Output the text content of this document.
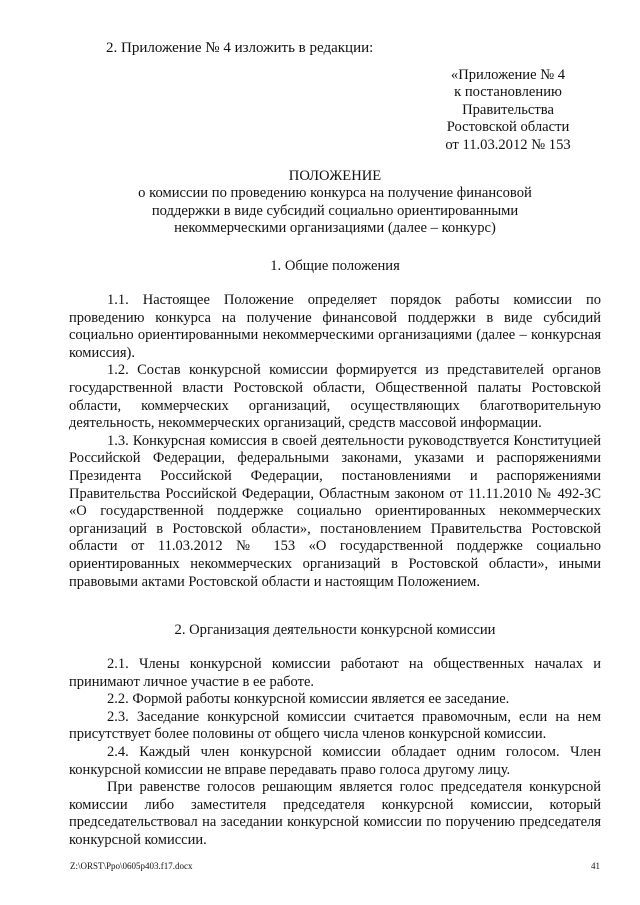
2. Приложение № 4 изложить в редакции:
«Приложение № 4
к постановлению
Правительства
Ростовской области
от 11.03.2012 № 153
ПОЛОЖЕНИЕ
о комиссии по проведению конкурса на получение финансовой
поддержки в виде субсидий социально ориентированными
некоммерческими организациями (далее – конкурс)
1. Общие положения

1.1. Настоящее Положение определяет порядок работы комиссии по проведению конкурса на получение финансовой поддержки в виде субсидий социально ориентированными некоммерческими организациями (далее – конкурсная комиссия).

1.2. Состав конкурсной комиссии формируется из представителей органов государственной власти Ростовской области, Общественной палаты Ростовской области, коммерческих организаций, осуществляющих благотворительную деятельность, некоммерческих организаций, средств массовой информации.

1.3. Конкурсная комиссия в своей деятельности руководствуется Конституцией Российской Федерации, федеральными законами, указами и распоряжениями Президента Российской Федерации, постановлениями и распоряжениями Правительства Российской Федерации, Областным законом от 11.11.2010 № 492-ЗС «О государственной поддержке социально ориентированных некоммерческих организаций в Ростовской области», постановлением Правительства Ростовской области от 11.03.2012 № 153 «О государственной поддержке социально ориентированных некоммерческих организаций в Ростовской области», иными правовыми актами Ростовской области и настоящим Положением.

2. Организация деятельности конкурсной комиссии

2.1. Члены конкурсной комиссии работают на общественных началах и принимают личное участие в ее работе.

2.2. Формой работы конкурсной комиссии является ее заседание.

2.3. Заседание конкурсной комиссии считается правомочным, если на нем присутствует более половины от общего числа членов конкурсной комиссии.

2.4. Каждый член конкурсной комиссии обладает одним голосом. Член конкурсной комиссии не вправе передавать право голоса другому лицу.

При равенстве голосов решающим является голос председателя конкурсной комиссии либо заместителя председателя конкурсной комиссии, который председательствовал на заседании конкурсной комиссии по поручению председателя конкурсной комиссии.

Z:\ORST\Ppo\0605p403.f17.docx	41
